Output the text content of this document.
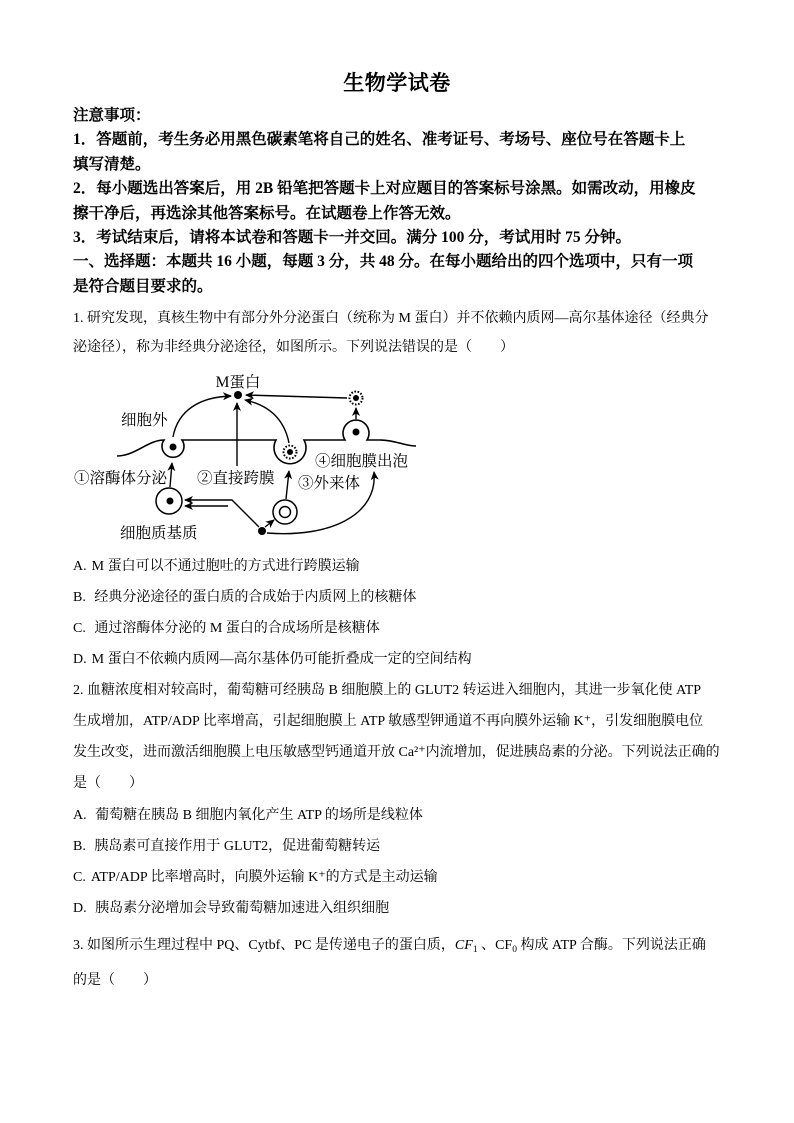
生物学试卷
注意事项：
1．答题前，考生务必用黑色碳素笔将自己的姓名、准考证号、考场号、座位号在答题卡上
填写清楚。
2．每小题选出答案后，用 2B 铅笔把答题卡上对应题目的答案标号涂黑。如需改动，用橡皮
擦干净后，再选涂其他答案标号。在试题卷上作答无效。
3．考试结束后，请将本试卷和答题卡一并交回。满分 100 分，考试用时 75 分钟。
一、选择题：本题共 16 小题，每题 3 分，共 48 分。在每小题给出的四个选项中，只有一项
是符合题目要求的。
1. 研究发现，真核生物中有部分外分泌蛋白（统称为 M 蛋白）并不依赖内质网—高尔基体途径（经典分
泌途径），称为非经典分泌途径，如图所示。下列说法错误的是（　　）
M蛋白
细胞外
①溶酶体分泌 ②直接跨膜 ③外来体
④细胞膜出泡
细胞质基质
A. M 蛋白可以不通过胞吐的方式进行跨膜运输
B. 经典分泌途径的蛋白质的合成始于内质网上的核糖体
C. 通过溶酶体分泌的 M 蛋白的合成场所是核糖体
D. M 蛋白不依赖内质网—高尔基体仍可能折叠成一定的空间结构
2. 血糖浓度相对较高时，葡萄糖可经胰岛 B 细胞膜上的 GLUT2 转运进入细胞内，其进一步氧化使 ATP
生成增加，ATP/ADP 比率增高，引起细胞膜上 ATP 敏感型钾通道不再向膜外运输 K⁺，引发细胞膜电位
发生改变，进而激活细胞膜上电压敏感型钙通道开放 Ca²⁺内流增加，促进胰岛素的分泌。下列说法正确的
是（　　）
A. 葡萄糖在胰岛 B 细胞内氧化产生 ATP 的场所是线粒体
B. 胰岛素可直接作用于 GLUT2，促进葡萄糖转运
C. ATP/ADP 比率增高时，向膜外运输 K⁺的方式是主动运输
D. 胰岛素分泌增加会导致葡萄糖加速进入组织细胞
3. 如图所示生理过程中 PQ、Cytbf、PC 是传递电子的蛋白质，$CF_1$ 、$CF_0$ 构成 ATP 合酶。下列说法正确
的是（　　）
